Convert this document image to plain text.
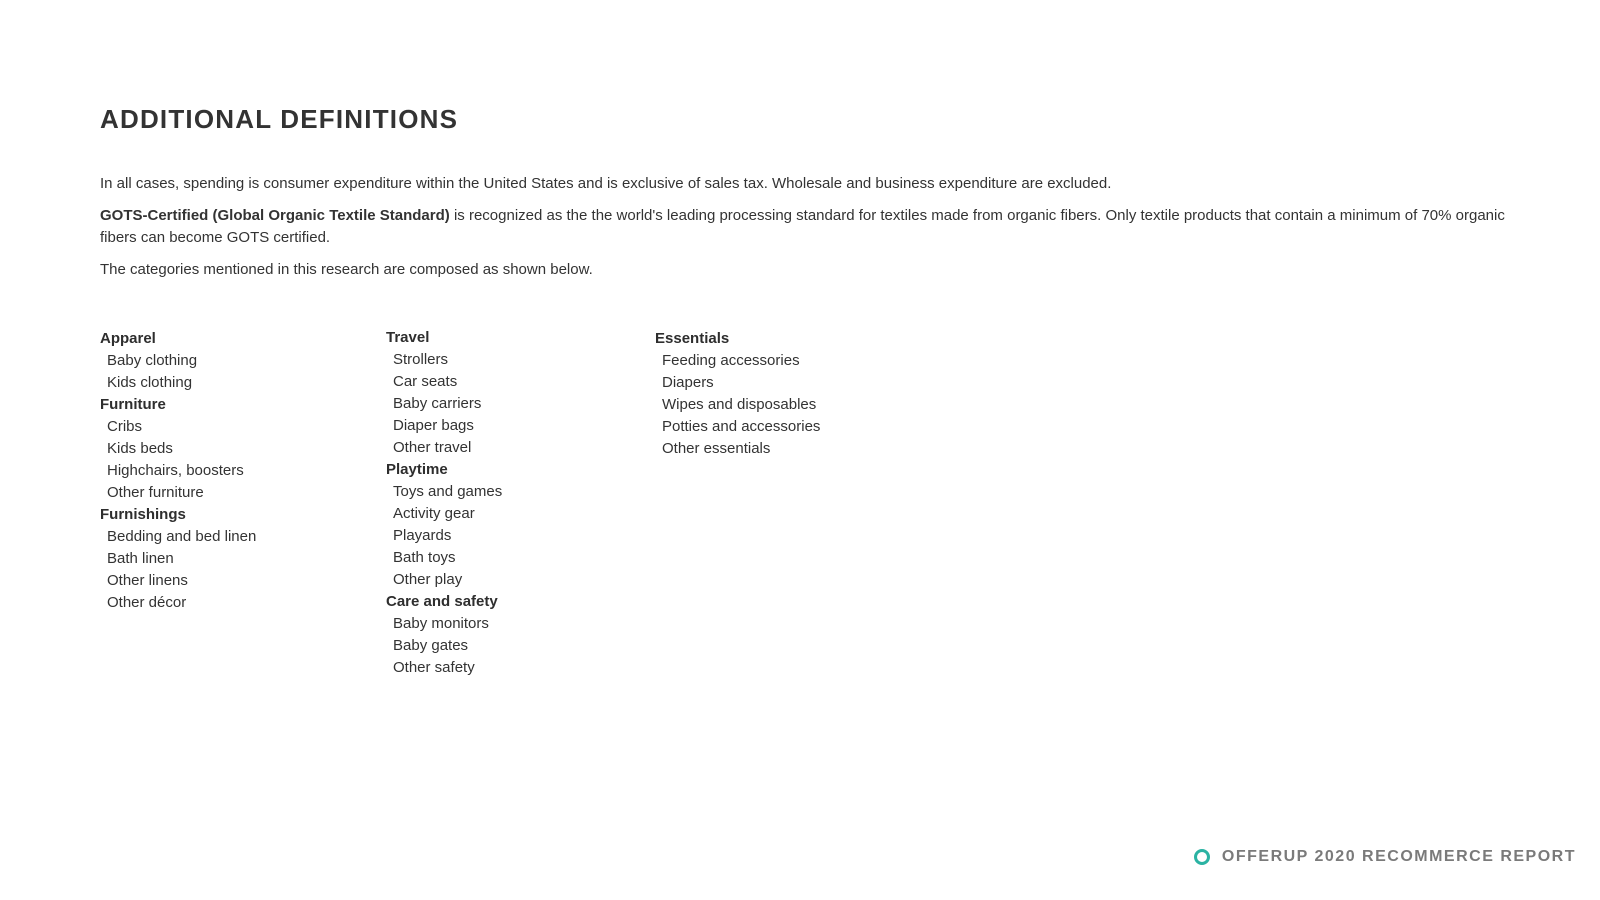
ADDITIONAL DEFINITIONS

In all cases, spending is consumer expenditure within the United States and is exclusive of sales tax. Wholesale and business expenditure are excluded.

GOTS-Certified (Global Organic Textile Standard) is recognized as the the world's leading processing standard for textiles made from organic fibers. Only textile products that contain a minimum of 70% organic fibers can become GOTS certified.

The categories mentioned in this research are composed as shown below.

Apparel
Baby clothing
Kids clothing
Furniture
Cribs
Kids beds
Highchairs, boosters
Other furniture
Furnishings
Bedding and bed linen
Bath linen
Other linens
Other décor
Travel
Strollers
Car seats
Baby carriers
Diaper bags
Other travel
Playtime
Toys and games
Activity gear
Playards
Bath toys
Other play
Care and safety
Baby monitors
Baby gates
Other safety
Essentials
Feeding accessories
Diapers
Wipes and disposables
Potties and accessories
Other essentials
OFFERUP 2020 RECOMMERCE REPORT
